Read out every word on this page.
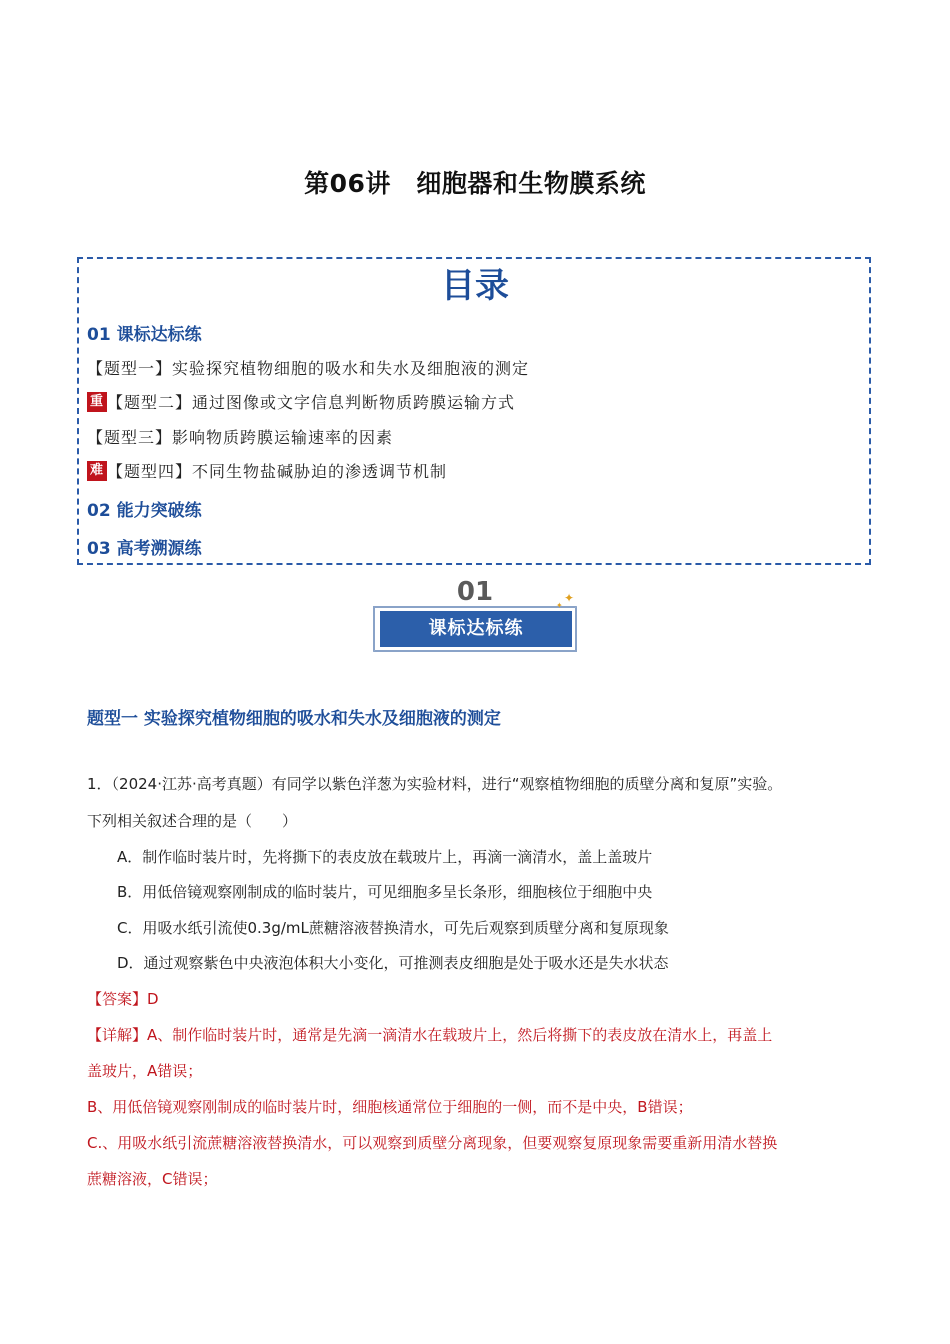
第06讲　细胞器和生物膜系统
目录
01 课标达标练
【题型一】实验探究植物细胞的吸水和失水及细胞液的测定
重 【题型二】通过图像或文字信息判断物质跨膜运输方式
【题型三】影响物质跨膜运输速率的因素
难 【题型四】不同生物盐碱胁迫的渗透调节机制
02 能力突破练
03 高考溯源练
01
课标达标练
✦
✦
题型一 实验探究植物细胞的吸水和失水及细胞液的测定
1．（2024·江苏·高考真题）有同学以紫色洋葱为实验材料，进行“观察植物细胞的质壁分离和复原”实验。
下列相关叙述合理的是（　　）
A．制作临时装片时，先将撕下的表皮放在载玻片上，再滴一滴清水，盖上盖玻片
B．用低倍镜观察刚制成的临时装片，可见细胞多呈长条形，细胞核位于细胞中央
C．用吸水纸引流使0.3g/mL蔗糖溶液替换清水，可先后观察到质壁分离和复原现象
D．通过观察紫色中央液泡体积大小变化，可推测表皮细胞是处于吸水还是失水状态
【答案】D
【详解】A、制作临时装片时，通常是先滴一滴清水在载玻片上，然后将撕下的表皮放在清水上，再盖上
盖玻片，A错误；
B、用低倍镜观察刚制成的临时装片时，细胞核通常位于细胞的一侧，而不是中央，B错误；
C.、用吸水纸引流蔗糖溶液替换清水，可以观察到质壁分离现象，但要观察复原现象需要重新用清水替换
蔗糖溶液，C错误；
